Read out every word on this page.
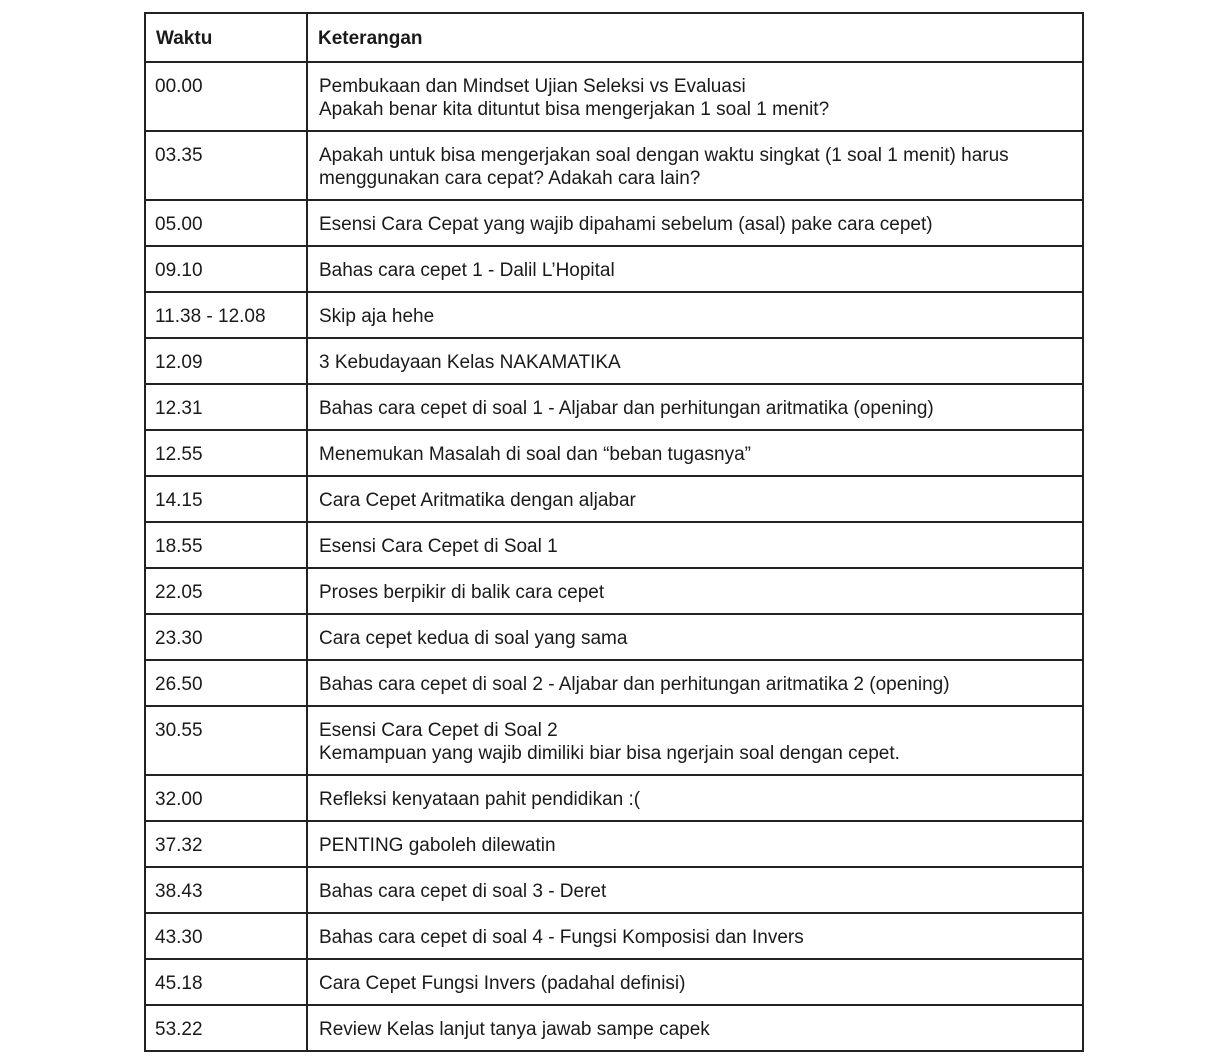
Waktu	Keterangan
00.00	Pembukaan dan Mindset Ujian Seleksi vs Evaluasi
Apakah benar kita dituntut bisa mengerjakan 1 soal 1 menit?

03.35	Apakah untuk bisa mengerjakan soal dengan waktu singkat (1 soal 1 menit) harus
menggunakan cara cepat? Adakah cara lain?

05.00	Esensi Cara Cepat yang wajib dipahami sebelum (asal) pake cara cepet)

09.10	Bahas cara cepet 1 - Dalil L’Hopital

11.38 - 12.08	Skip aja hehe

12.09	3 Kebudayaan Kelas NAKAMATIKA

12.31	Bahas cara cepet di soal 1 - Aljabar dan perhitungan aritmatika (opening)

12.55	Menemukan Masalah di soal dan “beban tugasnya”

14.15	Cara Cepet Aritmatika dengan aljabar

18.55	Esensi Cara Cepet di Soal 1

22.05	Proses berpikir di balik cara cepet

23.30	Cara cepet kedua di soal yang sama

26.50	Bahas cara cepet di soal 2 - Aljabar dan perhitungan aritmatika 2 (opening)

30.55	Esensi Cara Cepet di Soal 2
Kemampuan yang wajib dimiliki biar bisa ngerjain soal dengan cepet.

32.00	Refleksi kenyataan pahit pendidikan :(

37.32	PENTING gaboleh dilewatin

38.43	Bahas cara cepet di soal 3 - Deret

43.30	Bahas cara cepet di soal 4 - Fungsi Komposisi dan Invers

45.18	Cara Cepet Fungsi Invers (padahal definisi)

53.22	Review Kelas lanjut tanya jawab sampe capek
